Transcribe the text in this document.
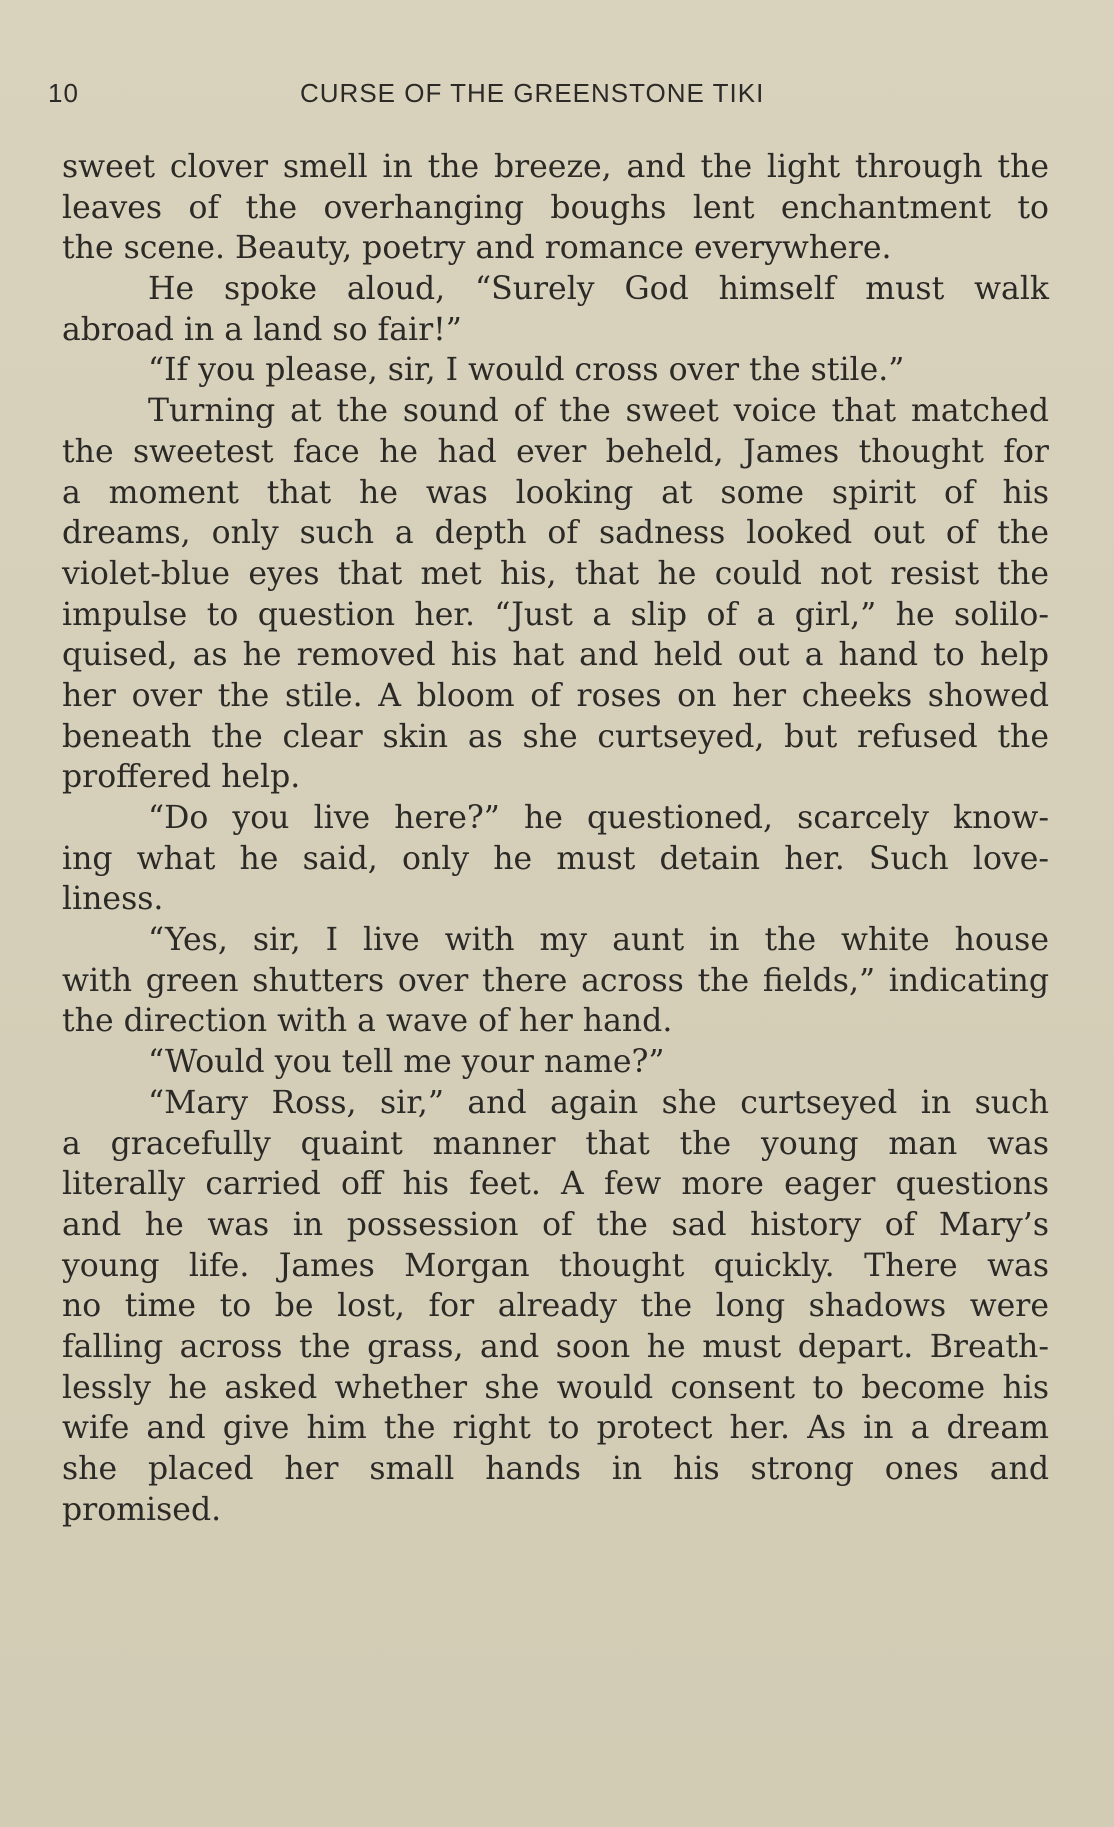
10	CURSE OF THE GREENSTONE TIKI
sweet clover smell in the breeze, and the light through the
leaves of the overhanging boughs lent enchantment to
the scene. Beauty, poetry and romance everywhere.
He spoke aloud, “Surely God himself must walk
abroad in a land so fair!”
“If you please, sir, I would cross over the stile.”
Turning at the sound of the sweet voice that matched
the sweetest face he had ever beheld, James thought for
a moment that he was looking at some spirit of his
dreams, only such a depth of sadness looked out of the
violet-blue eyes that met his, that he could not resist the
impulse to question her. “Just a slip of a girl,” he solilo-
quised, as he removed his hat and held out a hand to help
her over the stile. A bloom of roses on her cheeks showed
beneath the clear skin as she curtseyed, but refused the
proffered help.
“Do you live here?” he questioned, scarcely know-
ing what he said, only he must detain her. Such love-
liness.
“Yes, sir, I live with my aunt in the white house
with green shutters over there across the fields,” indicating
the direction with a wave of her hand.
“Would you tell me your name?”
“Mary Ross, sir,” and again she curtseyed in such
a gracefully quaint manner that the young man was
literally carried off his feet. A few more eager questions
and he was in possession of the sad history of Mary’s
young life. James Morgan thought quickly. There was
no time to be lost, for already the long shadows were
falling across the grass, and soon he must depart. Breath-
lessly he asked whether she would consent to become his
wife and give him the right to protect her. As in a dream
she placed her small hands in his strong ones and
promised.
